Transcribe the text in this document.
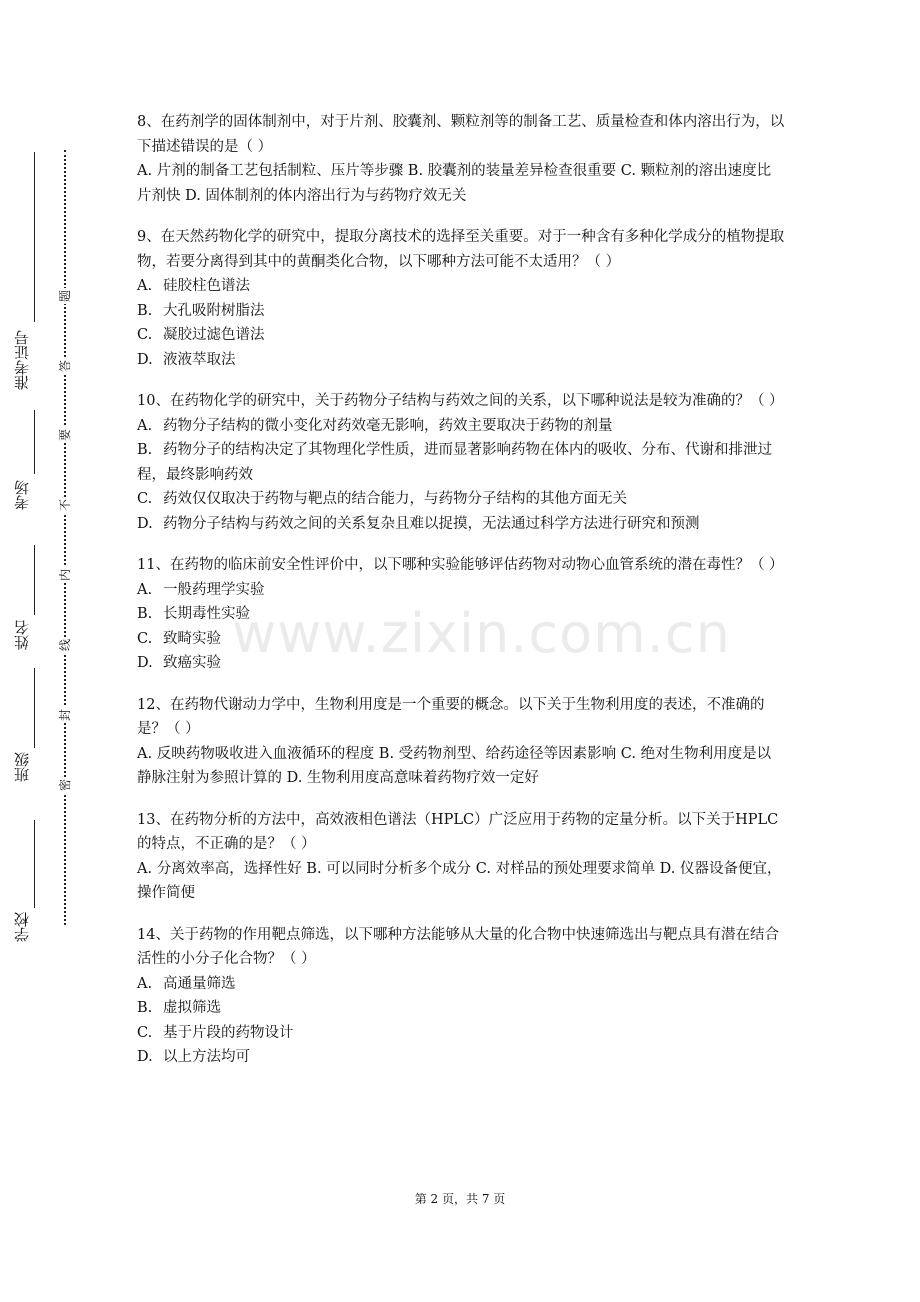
准考证号
考场
姓名
班级
学校
题
答
要
不
内
线
封
密
www.zixin.com.cn

8、在药剂学的固体制剂中，对于片剂、胶囊剂、颗粒剂等的制备工艺、质量检查和体内溶出行为，以下描述错误的是（ ）

A. 片剂的制备工艺包括制粒、压片等步骤 B. 胶囊剂的装量差异检查很重要 C. 颗粒剂的溶出速度比片剂快 D. 固体制剂的体内溶出行为与药物疗效无关

9、在天然药物化学的研究中，提取分离技术的选择至关重要。对于一种含有多种化学成分的植物提取物，若要分离得到其中的黄酮类化合物，以下哪种方法可能不太适用？（ ）

A. 硅胶柱色谱法

B. 大孔吸附树脂法

C. 凝胶过滤色谱法

D. 液液萃取法

10、在药物化学的研究中，关于药物分子结构与药效之间的关系，以下哪种说法是较为准确的？（ ）

A. 药物分子结构的微小变化对药效毫无影响，药效主要取决于药物的剂量

B. 药物分子的结构决定了其物理化学性质，进而显著影响药物在体内的吸收、分布、代谢和排泄过程，最终影响药效

C. 药效仅仅取决于药物与靶点的结合能力，与药物分子结构的其他方面无关

D. 药物分子结构与药效之间的关系复杂且难以捉摸，无法通过科学方法进行研究和预测

11、在药物的临床前安全性评价中，以下哪种实验能够评估药物对动物心血管系统的潜在毒性？（ ）

A. 一般药理学实验

B. 长期毒性实验

C. 致畸实验

D. 致癌实验

12、在药物代谢动力学中，生物利用度是一个重要的概念。以下关于生物利用度的表述，不准确的是？（ ）

A. 反映药物吸收进入血液循环的程度 B. 受药物剂型、给药途径等因素影响 C. 绝对生物利用度是以静脉注射为参照计算的 D. 生物利用度高意味着药物疗效一定好

13、在药物分析的方法中，高效液相色谱法（HPLC）广泛应用于药物的定量分析。以下关于HPLC的特点，不正确的是？（ ）

A. 分离效率高，选择性好 B. 可以同时分析多个成分 C. 对样品的预处理要求简单 D. 仪器设备便宜，操作简便

14、关于药物的作用靶点筛选，以下哪种方法能够从大量的化合物中快速筛选出与靶点具有潜在结合活性的小分子化合物？（ ）

A. 高通量筛选

B. 虚拟筛选

C. 基于片段的药物设计

D. 以上方法均可

第 2 页，共 7 页
